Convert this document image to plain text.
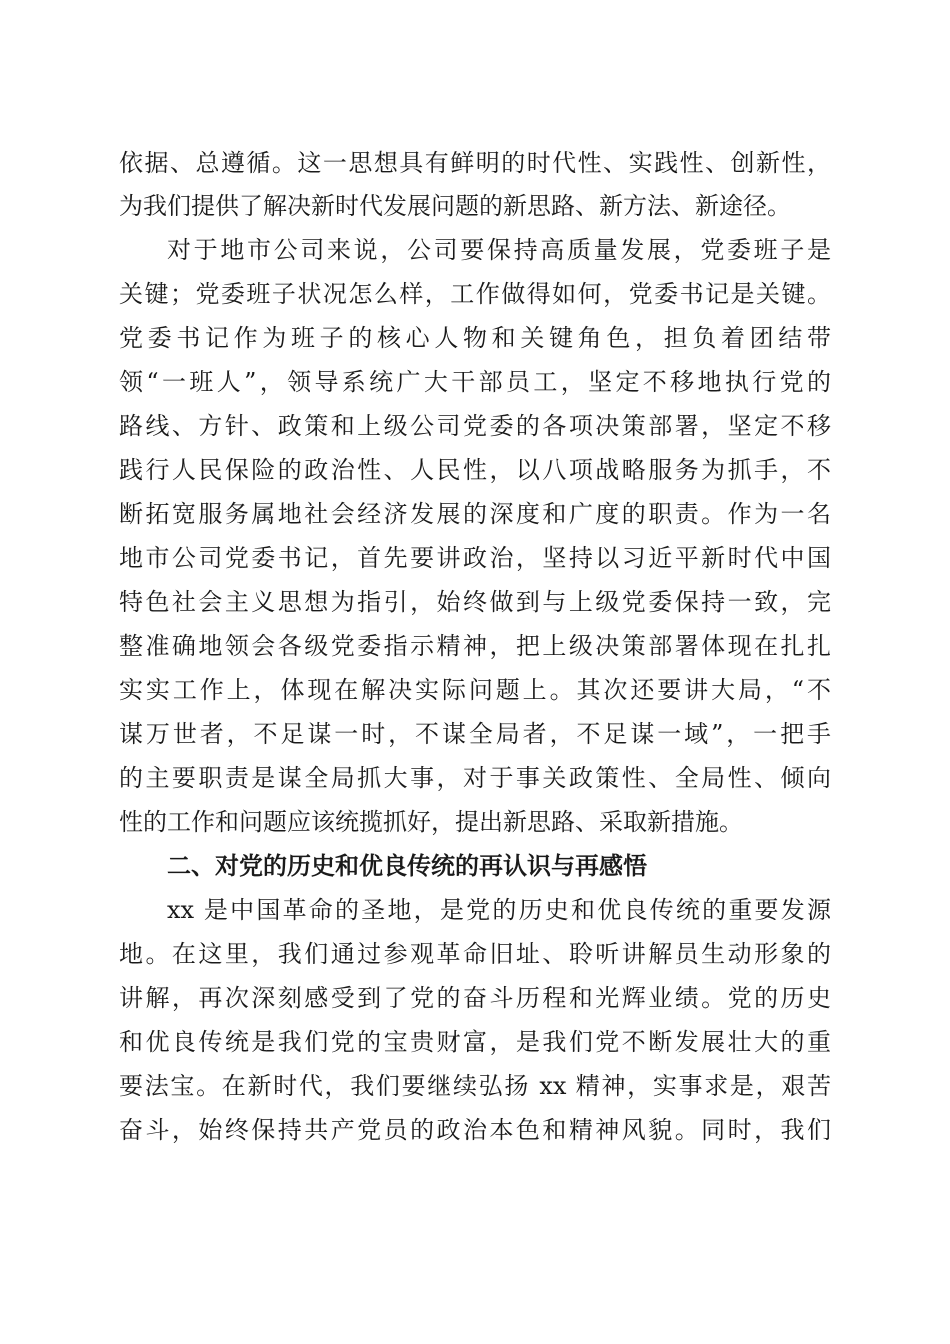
依据、总遵循。这一思想具有鲜明的时代性、实践性、创新性，
为我们提供了解决新时代发展问题的新思路、新方法、新途径。
对于地市公司来说，公司要保持高质量发展，党委班子是
关键；党委班子状况怎么样，工作做得如何，党委书记是关键。
党委书记作为班子的核心人物和关键角色，担负着团结带
领“一班人”，领导系统广大干部员工，坚定不移地执行党的
路线、方针、政策和上级公司党委的各项决策部署，坚定不移
践行人民保险的政治性、人民性，以八项战略服务为抓手，不
断拓宽服务属地社会经济发展的深度和广度的职责。作为一名
地市公司党委书记，首先要讲政治，坚持以习近平新时代中国
特色社会主义思想为指引，始终做到与上级党委保持一致，完
整准确地领会各级党委指示精神，把上级决策部署体现在扎扎
实实工作上，体现在解决实际问题上。其次还要讲大局，“不
谋万世者，不足谋一时，不谋全局者，不足谋一域”，一把手
的主要职责是谋全局抓大事，对于事关政策性、全局性、倾向
性的工作和问题应该统揽抓好，提出新思路、采取新措施。
二、对党的历史和优良传统的再认识与再感悟
xx 是中国革命的圣地，是党的历史和优良传统的重要发源
地。在这里，我们通过参观革命旧址、聆听讲解员生动形象的
讲解，再次深刻感受到了党的奋斗历程和光辉业绩。党的历史
和优良传统是我们党的宝贵财富，是我们党不断发展壮大的重
要法宝。在新时代，我们要继续弘扬 xx 精神，实事求是，艰苦
奋斗，始终保持共产党员的政治本色和精神风貌。同时，我们
